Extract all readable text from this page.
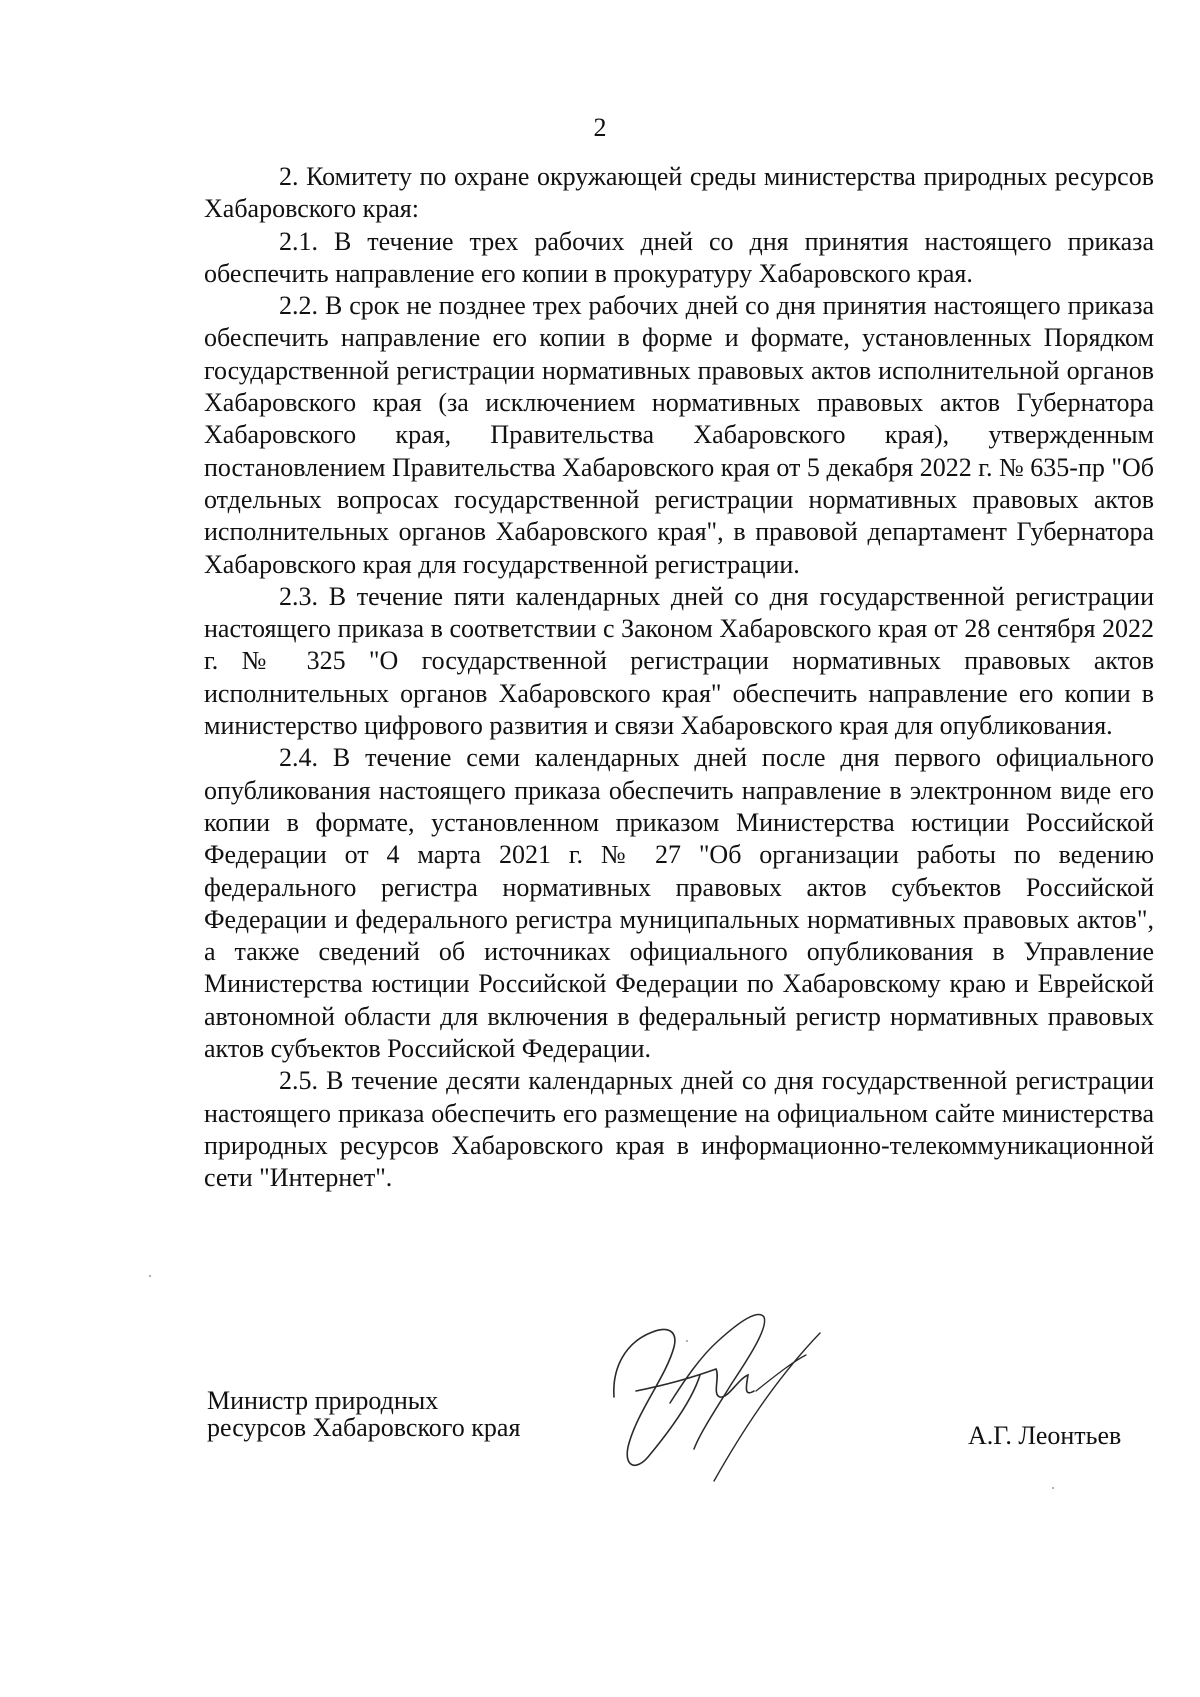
2

2. Комитету по охране окружающей среды министерства природных ресурсов Хабаровского края:

2.1. В течение трех рабочих дней со дня принятия настоящего приказа обеспечить направление его копии в прокуратуру Хабаровского края.

2.2. В срок не позднее трех рабочих дней со дня принятия настоящего приказа обеспечить направление его копии в форме и формате, установленных Порядком государственной регистрации нормативных правовых актов исполнительной органов Хабаровского края (за исключением нормативных правовых актов Губернатора Хабаровского края, Правительства Хабаровского края), утвержденным постановлением Правительства Хабаровского края от 5 декабря 2022 г. № 635-пр "Об отдельных вопросах государственной регистрации нормативных правовых актов исполнительных органов Хабаровского края", в правовой департамент Губернатора Хабаровского края для государственной регистрации.

2.3. В течение пяти календарных дней со дня государственной регистрации настоящего приказа в соответствии с Законом Хабаровского края от 28 сентября 2022 г. № 325 "О государственной регистрации нормативных правовых актов исполнительных органов Хабаровского края" обеспечить направление его копии в министерство цифрового развития и связи Хабаровского края для опубликования.

2.4. В течение семи календарных дней после дня первого официального опубликования настоящего приказа обеспечить направление в электронном виде его копии в формате, установленном приказом Министерства юстиции Российской Федерации от 4 марта 2021 г. № 27 "Об организации работы по ведению федерального регистра нормативных правовых актов субъектов Российской Федерации и федерального регистра муниципальных нормативных правовых актов", а также сведений об источниках официального опубликования в Управление Министерства юстиции Российской Федерации по Хабаровскому краю и Еврейской автономной области для включения в федеральный регистр нормативных правовых актов субъектов Российской Федерации.

2.5. В течение десяти календарных дней со дня государственной регистрации настоящего приказа обеспечить его размещение на официальном сайте министерства природных ресурсов Хабаровского края в информационно-телекоммуникационной сети "Интернет".

Министр природных
ресурсов Хабаровского края	А.Г. Леонтьев
